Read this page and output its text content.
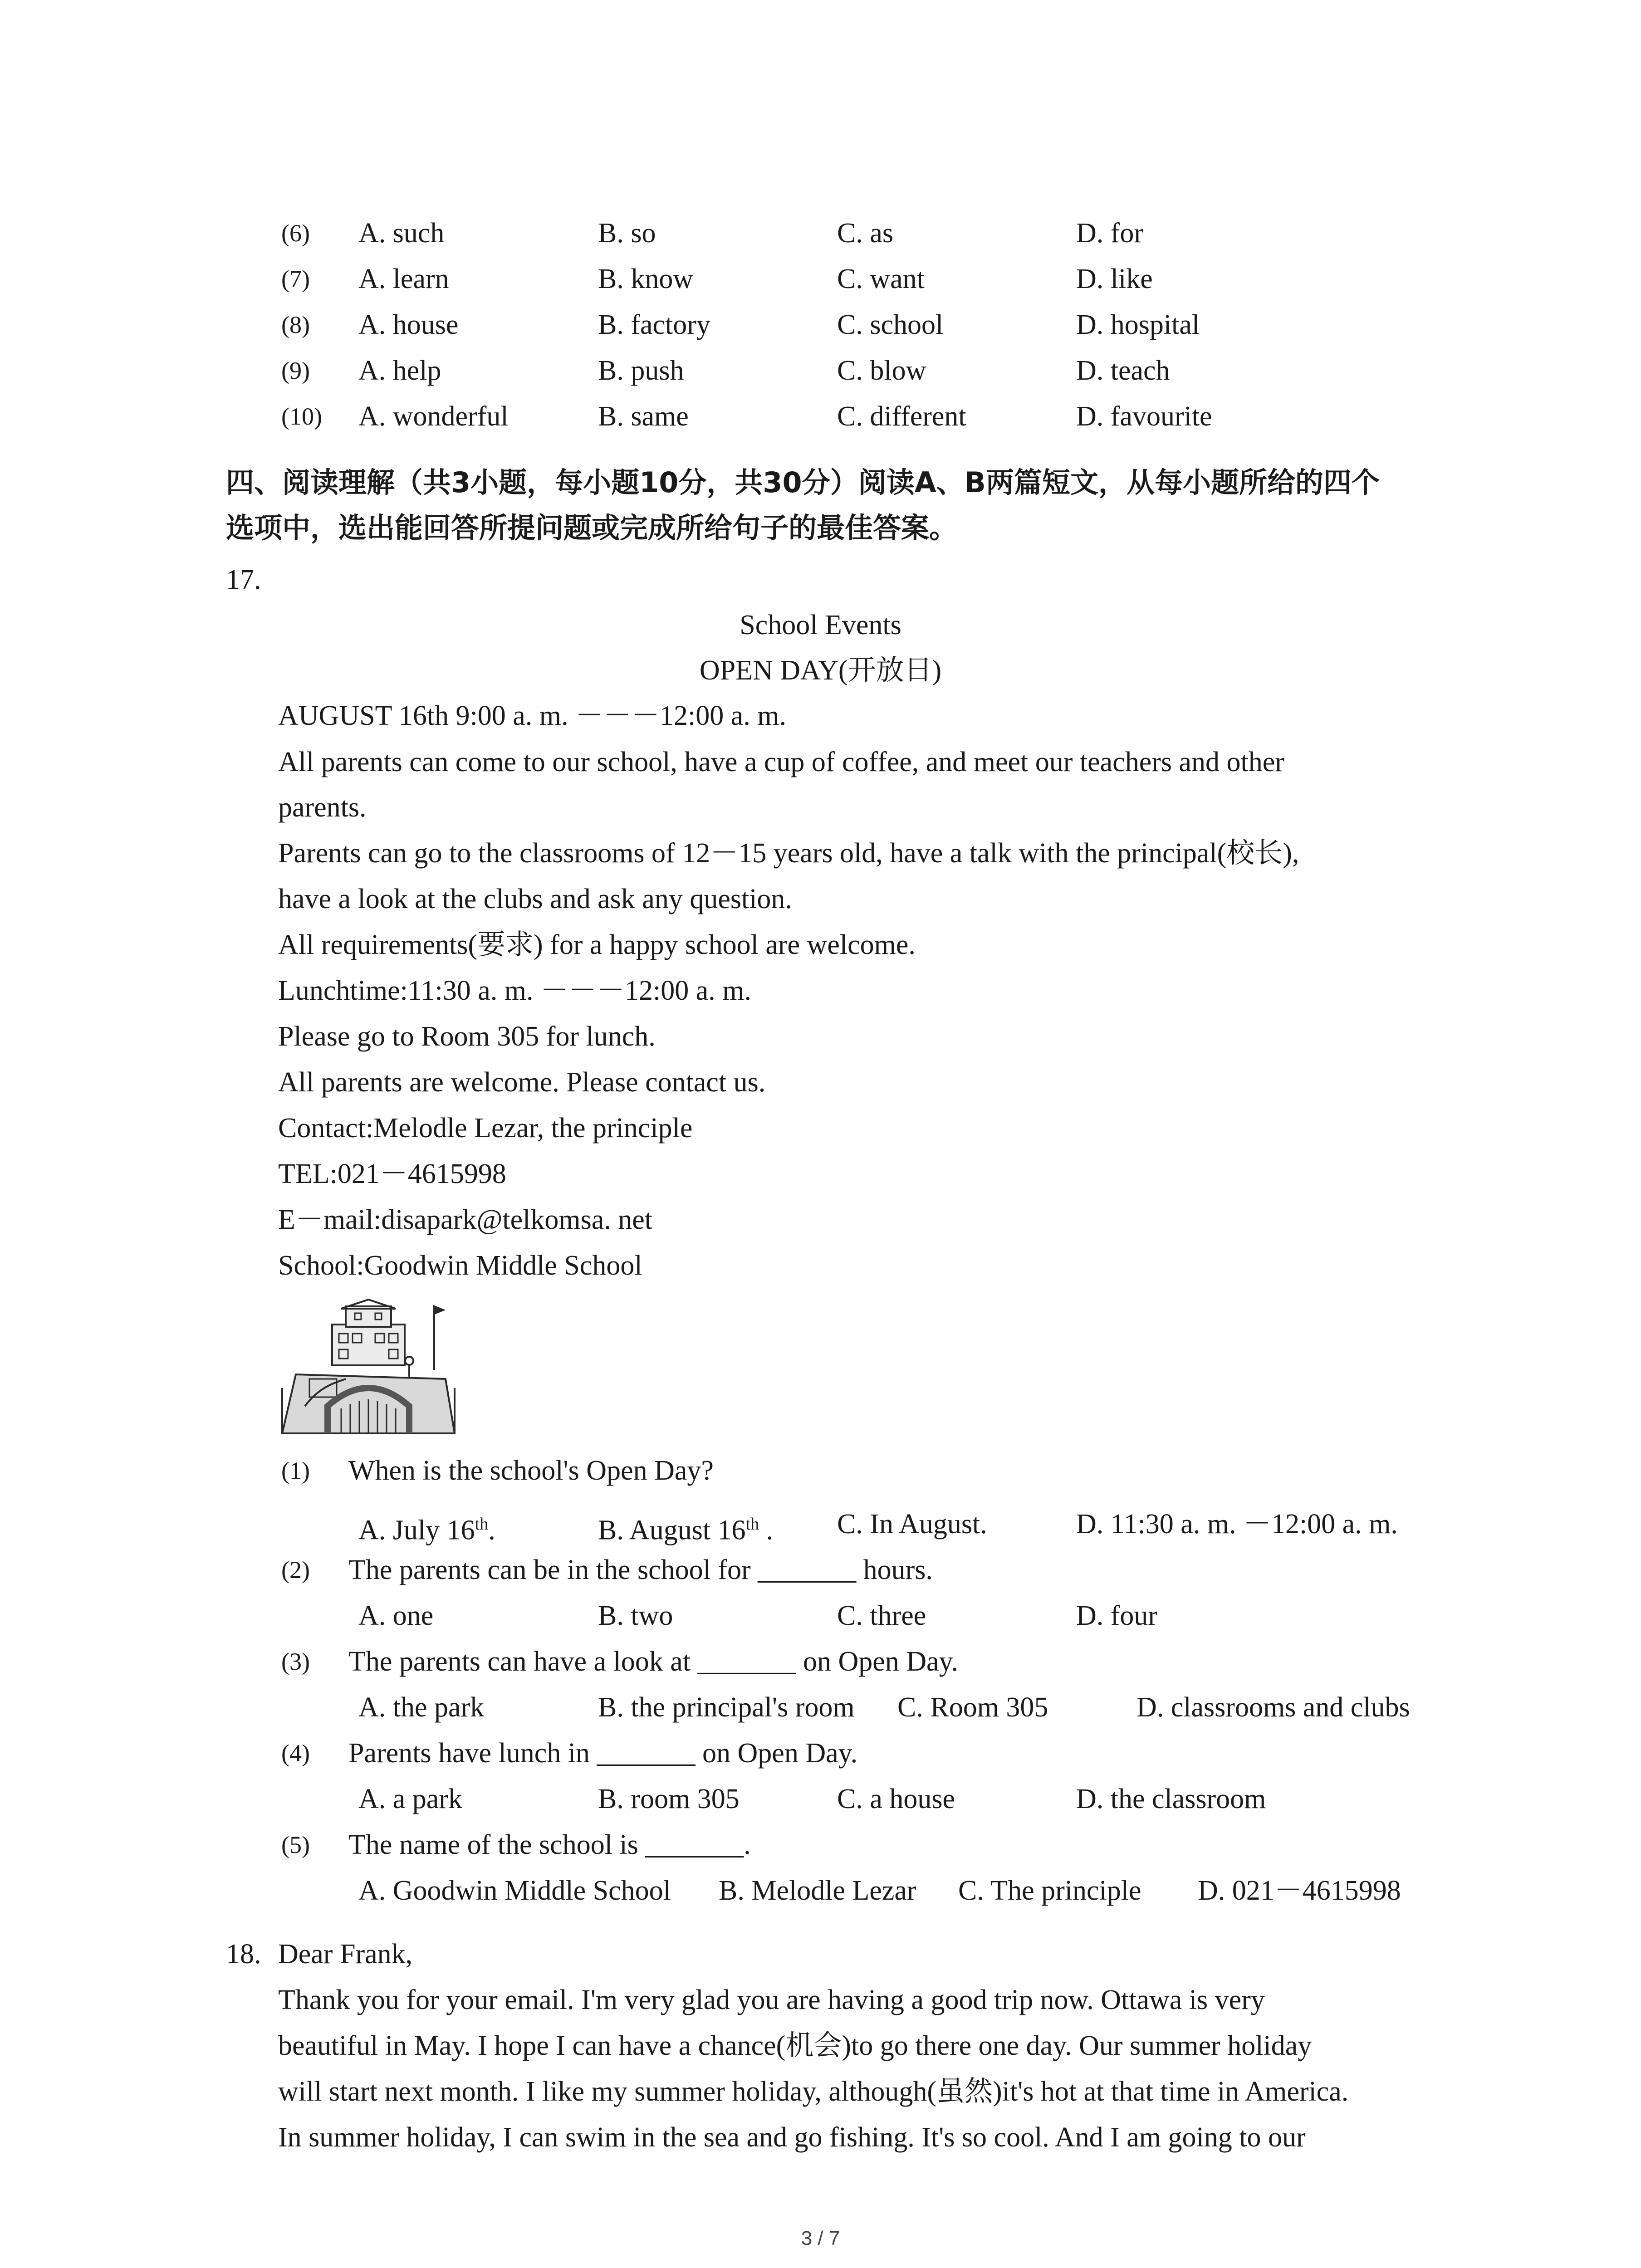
(6) A. such	B. so	C. as	D. for
(7) A. learn	B. know	C. want	D. like
(8) A. house	B. factory	C. school	D. hospital
(9) A. help	B. push	C. blow	D. teach
(10) A. wonderful	B. same	C. different	D. favourite
四、阅读理解（共3小题，每小题10分，共30分）阅读A、B两篇短文，从每小题所给的四个
选项中，选出能回答所提问题或完成所给句子的最佳答案。
17.
School Events
OPEN DAY(开放日)
AUGUST 16th 9:00 a. m. －－－12:00 a. m.
All parents can come to our school, have a cup of coffee, and meet our teachers and other
parents.
Parents can go to the classrooms of 12－15 years old, have a talk with the principal(校长),
have a look at the clubs and ask any question.
All requirements(要求) for a happy school are welcome.
Lunchtime:11:30 a. m. －－－12:00 a. m.
Please go to Room 305 for lunch.
All parents are welcome. Please contact us.
Contact:Melodle Lezar, the principle
TEL:021－4615998
E－mail:disapark@telkomsa. net
School:Goodwin Middle School
(1) When is the school's Open Day?
A. July 16th.	B. August 16th . C. In August.	D. 11:30 a. m. －12:00 a. m.
(2) The parents can be in the school for _______ hours.
A. one	B. two	C. three	D. four
(3) The parents can have a look at _______ on Open Day.
A. the park	B. the principal's room C. Room 305	D. classrooms and clubs
(4) Parents have lunch in _______ on Open Day.
A. a park	B. room 305	C. a house	D. the classroom
(5) The name of the school is _______.
A. Goodwin Middle School B. Melodle Lezar C. The principle D. 021－4615998
18. Dear Frank,
Thank you for your email. I'm very glad you are having a good trip now. Ottawa is very
beautiful in May. I hope I can have a chance(机会)to go there one day. Our summer holiday
will start next month. I like my summer holiday, although(虽然)it's hot at that time in America.
In summer holiday, I can swim in the sea and go fishing. It's so cool. And I am going to our
3 / 7
